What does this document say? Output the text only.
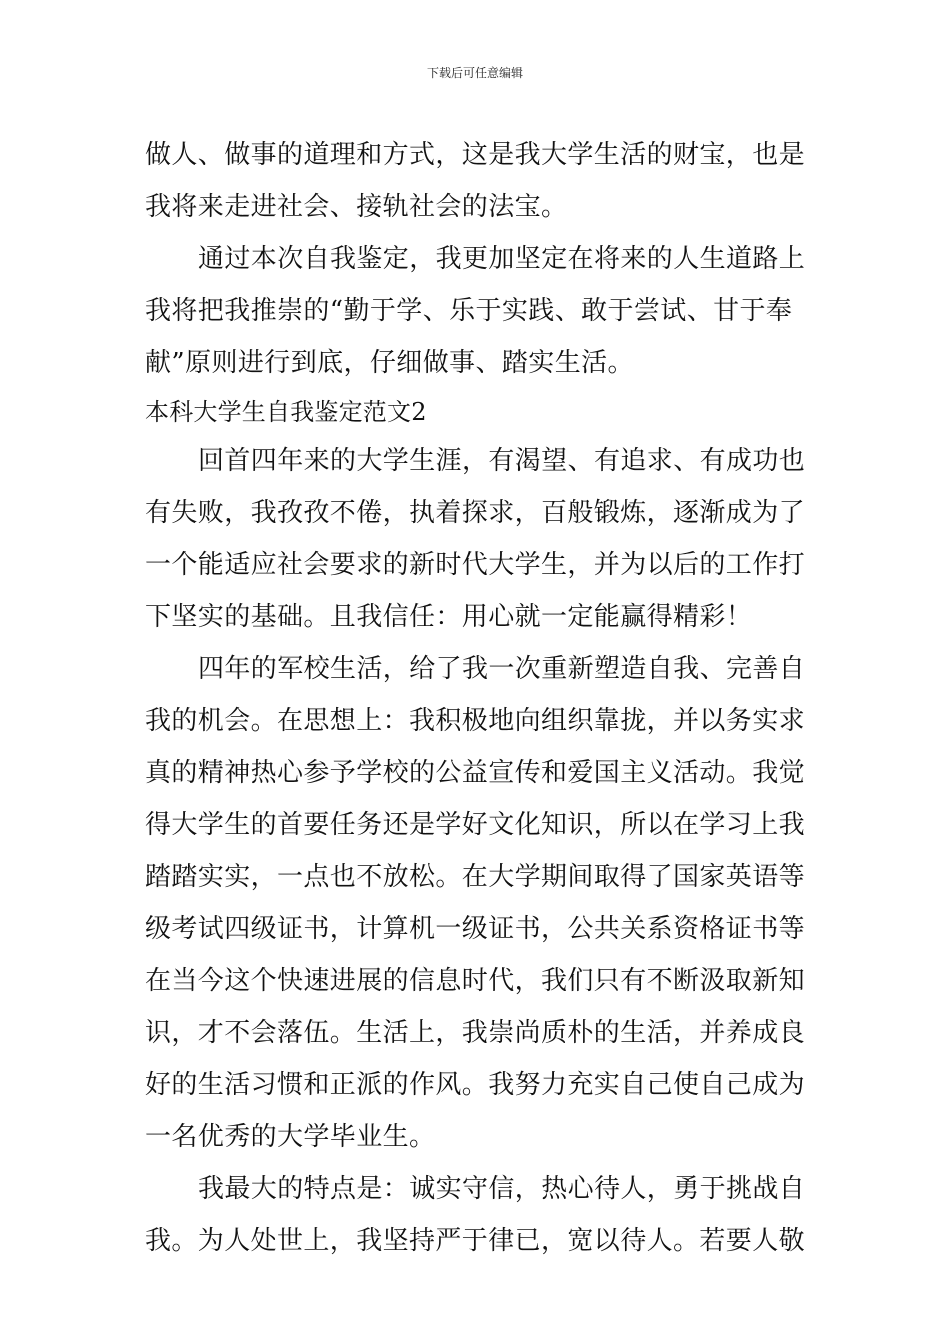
下载后可任意编辑
做人、做事的道理和方式，这是我大学生活的财宝，也是
我将来走进社会、接轨社会的法宝。
通过本次自我鉴定，我更加坚定在将来的人生道路上
我将把我推崇的“勤于学、乐于实践、敢于尝试、甘于奉
献”原则进行到底，仔细做事、踏实生活。
本科大学生自我鉴定范文2
回首四年来的大学生涯，有渴望、有追求、有成功也
有失败，我孜孜不倦，执着探求，百般锻炼，逐渐成为了
一个能适应社会要求的新时代大学生，并为以后的工作打
下坚实的基础。且我信任：用心就一定能赢得精彩！
四年的军校生活，给了我一次重新塑造自我、完善自
我的机会。在思想上：我积极地向组织靠拢，并以务实求
真的精神热心参予学校的公益宣传和爱国主义活动。我觉
得大学生的首要任务还是学好文化知识，所以在学习上我
踏踏实实，一点也不放松。在大学期间取得了国家英语等
级考试四级证书，计算机一级证书，公共关系资格证书等
在当今这个快速进展的信息时代，我们只有不断汲取新知
识，才不会落伍。生活上，我崇尚质朴的生活，并养成良
好的生活习惯和正派的作风。我努力充实自己使自己成为
一名优秀的大学毕业生。
我最大的特点是：诚实守信，热心待人，勇于挑战自
我。为人处世上，我坚持严于律已，宽以待人。若要人敬
